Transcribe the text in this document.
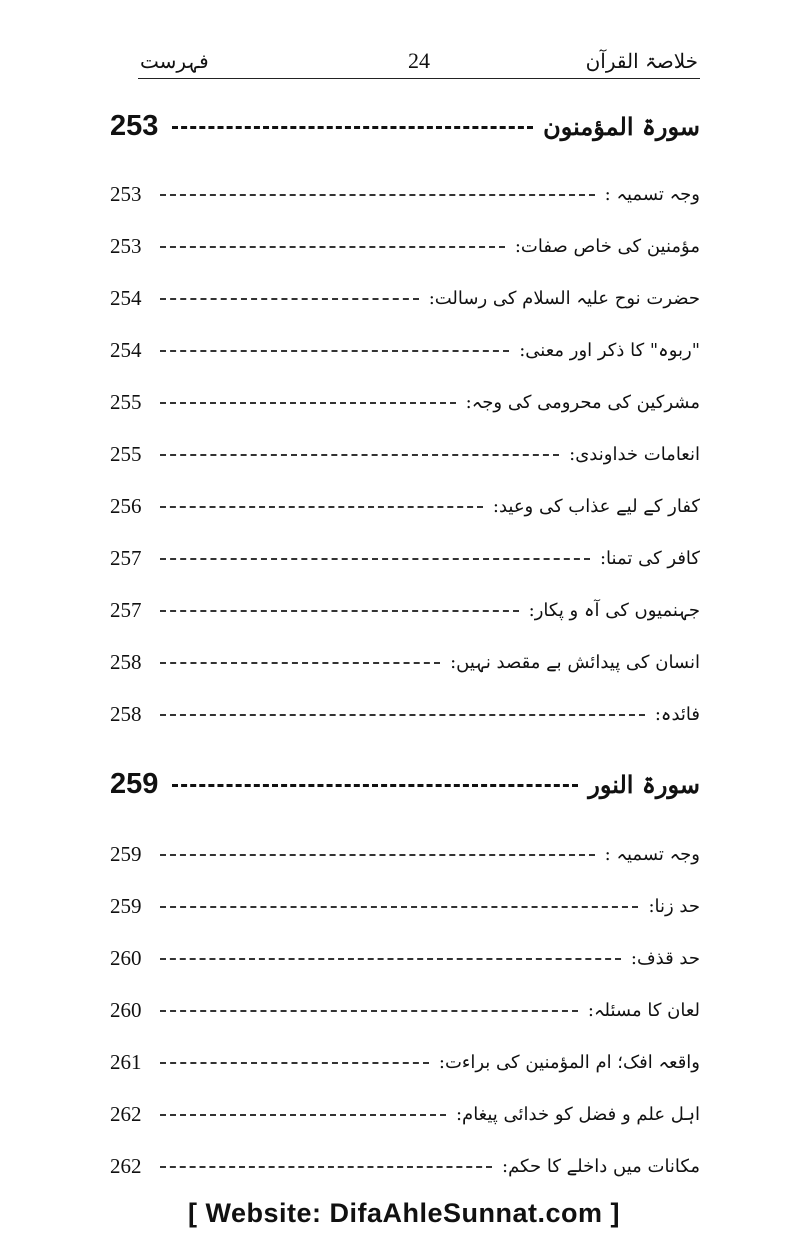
فہرست	24	خلاصۃ القرآن
253	سورۃ المؤمنون
253	وجہ تسمیہ :
253	مؤمنین کی خاص صفات:
254	حضرت نوح علیہ السلام کی رسالت:
254	"ربوہ" کا ذکر اور معنی:
255	مشرکین کی محرومی کی وجہ:
255	انعامات خداوندی:
256	کفار کے لیے عذاب کی وعید:
257	کافر کی تمنا:
257	جہنمیوں کی آہ و پکار:
258	انسان کی پیدائش بے مقصد نہیں:
258	فائدہ:
259	سورۃ النور
259	وجہ تسمیہ :
259	حد زنا:
260	حد قذف:
260	لعان کا مسئلہ:
261	واقعہ افک؛ ام المؤمنین کی براءت:
262	اہل علم و فضل کو خدائی پیغام:
262	مکانات میں داخلے کا حکم:
[ Website: DifaAhleSunnat.com ]
